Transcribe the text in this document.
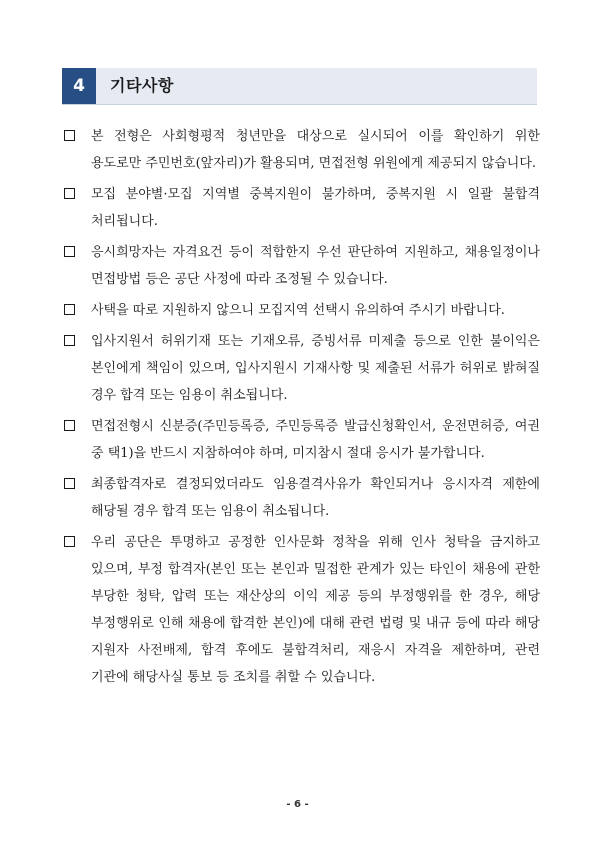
4	기타사항
본 전형은 사회형평적 청년만을 대상으로 실시되어 이를 확인하기 위한 용도로만 주민번호(앞자리)가 활용되며, 면접전형 위원에게 제공되지 않습니다.
모집 분야별·모집 지역별 중복지원이 불가하며, 중복지원 시 일괄 불합격 처리됩니다.
응시희망자는 자격요건 등이 적합한지 우선 판단하여 지원하고, 채용일정이나 면접방법 등은 공단 사정에 따라 조정될 수 있습니다.
사택을 따로 지원하지 않으니 모집지역 선택시 유의하여 주시기 바랍니다.
입사지원서 허위기재 또는 기재오류, 증빙서류 미제출 등으로 인한 불이익은 본인에게 책임이 있으며, 입사지원시 기재사항 및 제출된 서류가 허위로 밝혀질 경우 합격 또는 임용이 취소됩니다.
면접전형시 신분증(주민등록증, 주민등록증 발급신청확인서, 운전면허증, 여권 중 택1)을 반드시 지참하여야 하며, 미지참시 절대 응시가 불가합니다.
최종합격자로 결정되었더라도 임용결격사유가 확인되거나 응시자격 제한에 해당될 경우 합격 또는 임용이 취소됩니다.
우리 공단은 투명하고 공정한 인사문화 정착을 위해 인사 청탁을 금지하고 있으며, 부정 합격자(본인 또는 본인과 밀접한 관계가 있는 타인이 채용에 관한 부당한 청탁, 압력 또는 재산상의 이익 제공 등의 부정행위를 한 경우, 해당 부정행위로 인해 채용에 합격한 본인)에 대해 관련 법령 및 내규 등에 따라 해당 지원자 사전배제, 합격 후에도 불합격처리, 재응시 자격을 제한하며, 관련 기관에 해당사실 통보 등 조치를 취할 수 있습니다.
- 6 -
